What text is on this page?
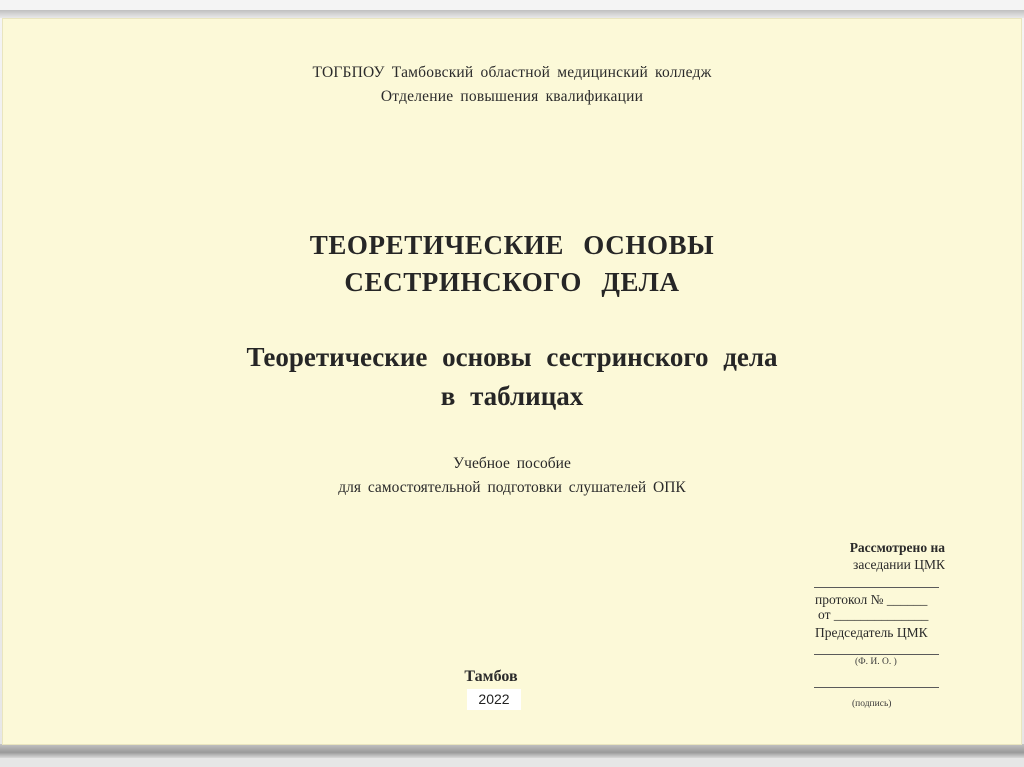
ТОГБПОУ Тамбовский областной медицинский колледж
Отделение повышения квалификации
ТЕОРЕТИЧЕСКИЕ ОСНОВЫ
СЕСТРИНСКОГО ДЕЛА
Теоретические основы сестринского дела
в таблицах
Учебное пособие
для самостоятельной подготовки слушателей ОПК
Рассмотрено на
заседании ЦМК
протокол № ______
от ______________
Председатель ЦМК
(Ф. И. О. )
(подпись)
Тамбов
2022
